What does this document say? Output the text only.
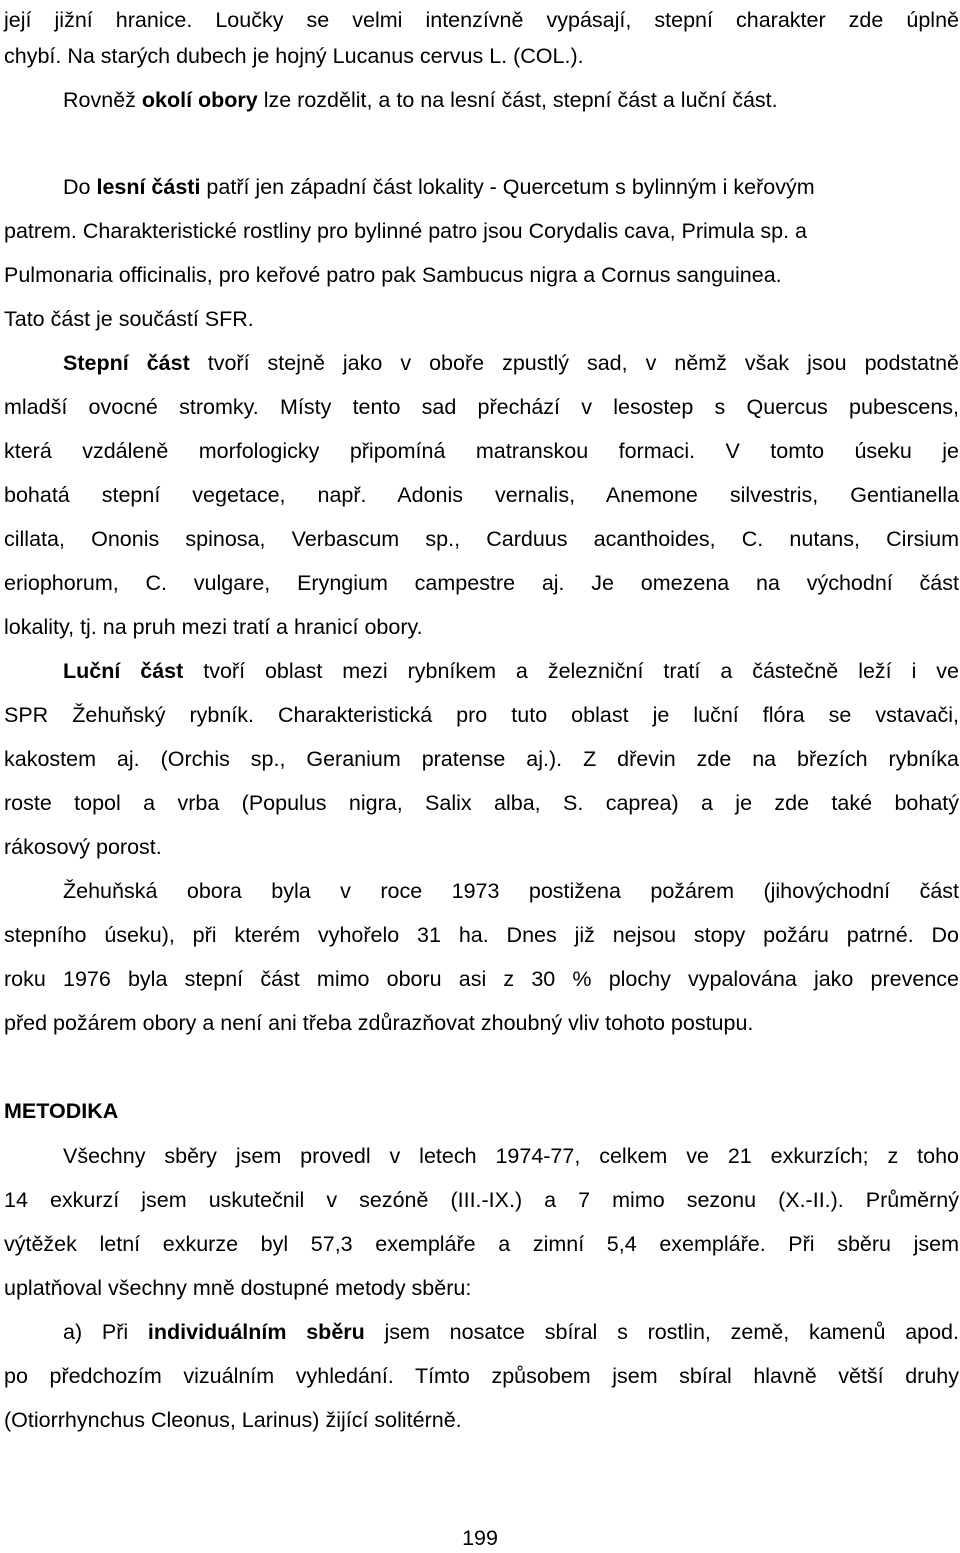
její jižní hranice. Loučky se velmi intenzívně vypásají, stepní charakter zde úplně
chybí. Na starých dubech je hojný Lucanus cervus L. (COL.).
Rovněž okolí obory lze rozdělit, a to na lesní část, stepní část a luční část.
Do lesní části patří jen západní část lokality - Quercetum s bylinným i keřovým
patrem. Charakteristické rostliny pro bylinné patro jsou Corydalis cava, Primula sp. a
Pulmonaria officinalis, pro keřové patro pak Sambucus nigra a Cornus sanguinea.
Tato část je součástí SFR.
Stepní část tvoří stejně jako v oboře zpustlý sad, v němž však jsou podstatně
mladší ovocné stromky. Místy tento sad přechází v lesostep s Quercus pubescens,
která vzdáleně morfologicky připomíná matranskou formaci. V tomto úseku je
bohatá stepní vegetace, např. Adonis vernalis, Anemone silvestris, Gentianella
cillata, Ononis spinosa, Verbascum sp., Carduus acanthoides, C. nutans, Cirsium
eriophorum, C. vulgare, Eryngium campestre aj. Je omezena na východní část
lokality, tj. na pruh mezi tratí a hranicí obory.
Luční část tvoří oblast mezi rybníkem a železniční tratí a částečně leží i ve
SPR Žehuňský rybník. Charakteristická pro tuto oblast je luční flóra se vstavači,
kakostem aj. (Orchis sp., Geranium pratense aj.). Z dřevin zde na březích rybníka
roste topol a vrba (Populus nigra, Salix alba, S. caprea) a je zde také bohatý
rákosový porost.
Žehuňská obora byla v roce 1973 postižena požárem (jihovýchodní část
stepního úseku), při kterém vyhořelo 31 ha. Dnes již nejsou stopy požáru patrné. Do
roku 1976 byla stepní část mimo oboru asi z 30 % plochy vypalována jako prevence
před požárem obory a není ani třeba zdůrazňovat zhoubný vliv tohoto postupu.
METODIKA
Všechny sběry jsem provedl v letech 1974-77, celkem ve 21 exkurzích; z toho
14 exkurzí jsem uskutečnil v sezóně (III.-IX.) a 7 mimo sezonu (X.-II.). Průměrný
výtěžek letní exkurze byl 57,3 exempláře a zimní 5,4 exempláře. Při sběru jsem
uplatňoval všechny mně dostupné metody sběru:
a) Při individuálním sběru jsem nosatce sbíral s rostlin, země, kamenů apod.
po předchozím vizuálním vyhledání. Tímto způsobem jsem sbíral hlavně větší druhy
(Otiorrhynchus Cleonus, Larinus) žijící solitérně.
199
